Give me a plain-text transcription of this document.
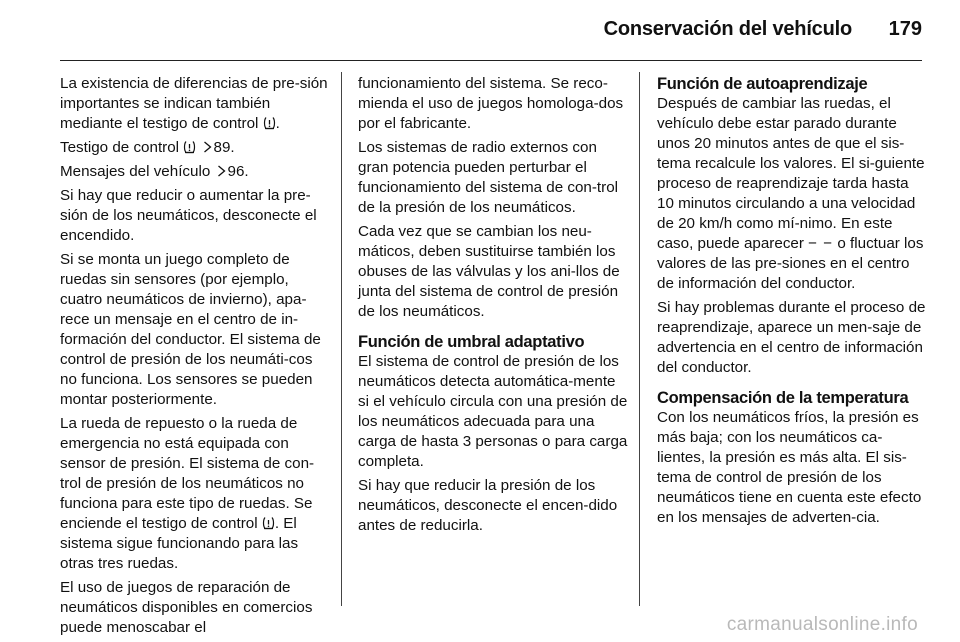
Conservación del vehículo 179

La existencia de diferencias de pre-sión importantes se indican también mediante el testigo de control .

Testigo de control 89.

Mensajes del vehículo 96.

Si hay que reducir o aumentar la pre-sión de los neumáticos, desconecte el encendido.

Si se monta un juego completo de ruedas sin sensores (por ejemplo, cuatro neumáticos de invierno), apa-rece un mensaje en el centro de in-formación del conductor. El sistema de control de presión de los neumáti-cos no funciona. Los sensores se pueden montar posteriormente.

La rueda de repuesto o la rueda de emergencia no está equipada con sensor de presión. El sistema de con-trol de presión de los neumáticos no funciona para este tipo de ruedas. Se enciende el testigo de control . El sistema sigue funcionando para las otras tres ruedas.

El uso de juegos de reparación de neumáticos disponibles en comercios puede menoscabar el

funcionamiento del sistema. Se reco-mienda el uso de juegos homologa-dos por el fabricante.

Los sistemas de radio externos con gran potencia pueden perturbar el funcionamiento del sistema de con-trol de la presión de los neumáticos.

Cada vez que se cambian los neu-máticos, deben sustituirse también los obuses de las válvulas y los ani-llos de junta del sistema de control de presión de los neumáticos.

Función de umbral adaptativo

El sistema de control de presión de los neumáticos detecta automática-mente si el vehículo circula con una presión de los neumáticos adecuada para una carga de hasta 3 personas o para carga completa.

Si hay que reducir la presión de los neumáticos, desconecte el encen-dido antes de reducirla.

Función de autoaprendizaje

Después de cambiar las ruedas, el vehículo debe estar parado durante unos 20 minutos antes de que el sis-tema recalcule los valores. El si-guiente proceso de reaprendizaje tarda hasta 10 minutos circulando a una velocidad de 20 km/h como mí-nimo. En este caso, puede aparecer − − o fluctuar los valores de las pre-siones en el centro de información del conductor.

Si hay problemas durante el proceso de reaprendizaje, aparece un men-saje de advertencia en el centro de información del conductor.

Compensación de la temperatura

Con los neumáticos fríos, la presión es más baja; con los neumáticos ca-lientes, la presión es más alta. El sis-tema de control de presión de los neumáticos tiene en cuenta este efecto en los mensajes de adverten-cia.

carmanualsonline.info
